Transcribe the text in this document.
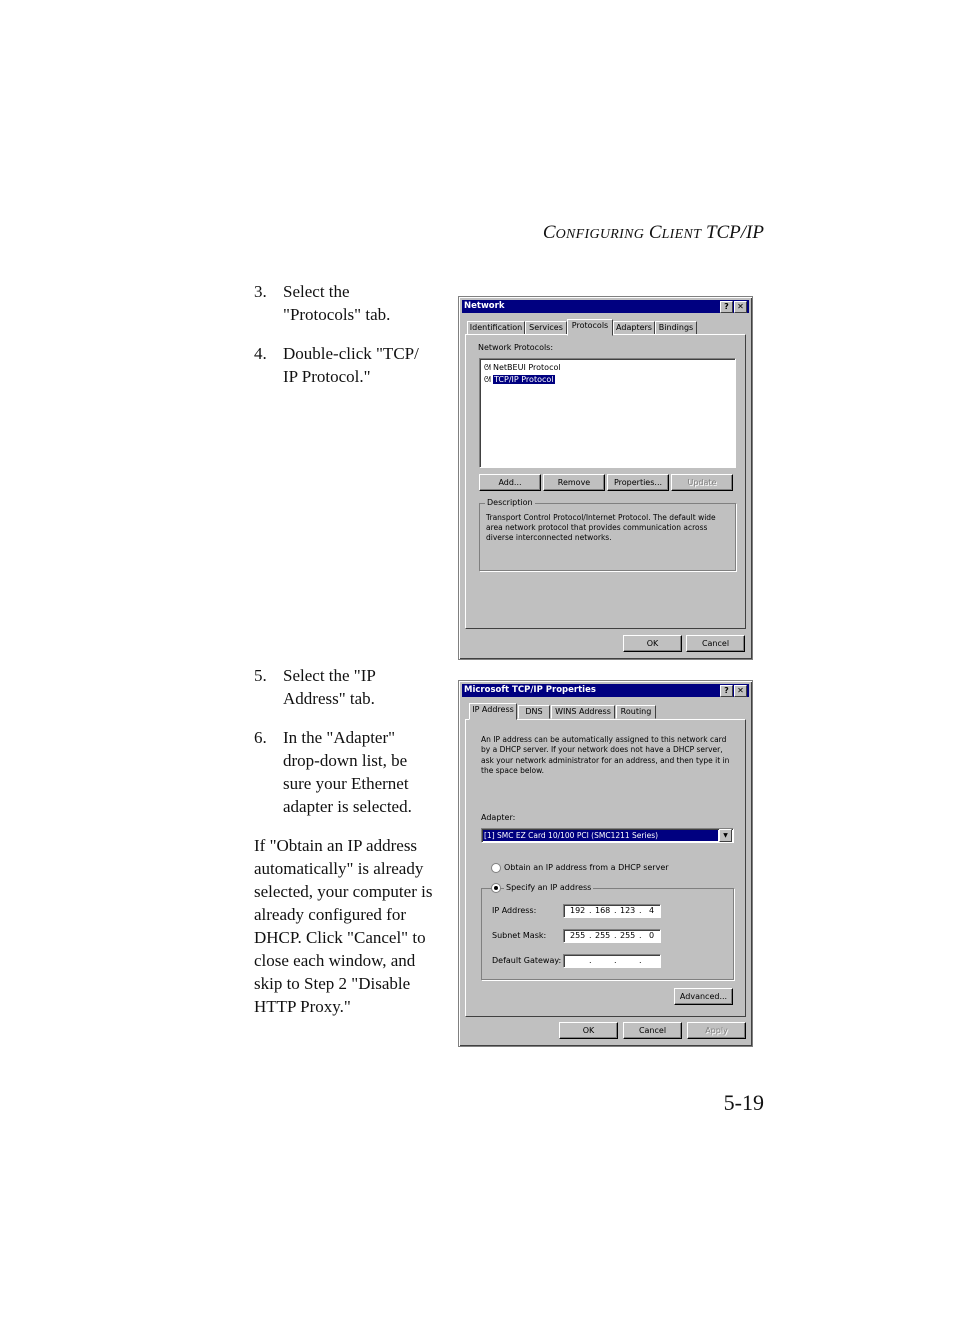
CONFIGURING CLIENT TCP/IP
3. Select the "Protocols" tab.
4. Double-click "TCP/ IP Protocol."
5. Select the "IP Address" tab.
6. In the "Adapter" drop-down list, be sure your Ethernet adapter is selected.
If "Obtain an IP address automatically" is already selected, your computer is already configured for DHCP. Click "Cancel" to close each window, and skip to Step 2 "Disable HTTP Proxy."
5-19
Network	?	✕
Identification Services	Protocols Adapters Bindings
Network Protocols:
ᘛ NetBEUI Protocol
ᘛ TCP/IP Protocol
Add...	Remove	Properties...	Update
Description
Transport Control Protocol/Internet Protocol. The default wide area network protocol that provides communication across diverse interconnected networks.
OK	Cancel
Microsoft TCP/IP Properties	?	✕
IP Address	DNS	WINS Address	Routing
An IP address can be automatically assigned to this network card by a DHCP server. If your network does not have a DHCP server, ask your network administrator for an address, and then type it in the space below.
Adapter:
[1] SMC EZ Card 10/100 PCI (SMC1211 Series)	▼
Obtain an IP address from a DHCP server
Specify an IP address
IP Address:	192 . 168 . 123 . 4
Subnet Mask:	255 . 255 . 255 . 0
Default Gateway:	.	.	.
Advanced...
OK	Cancel	Apply
